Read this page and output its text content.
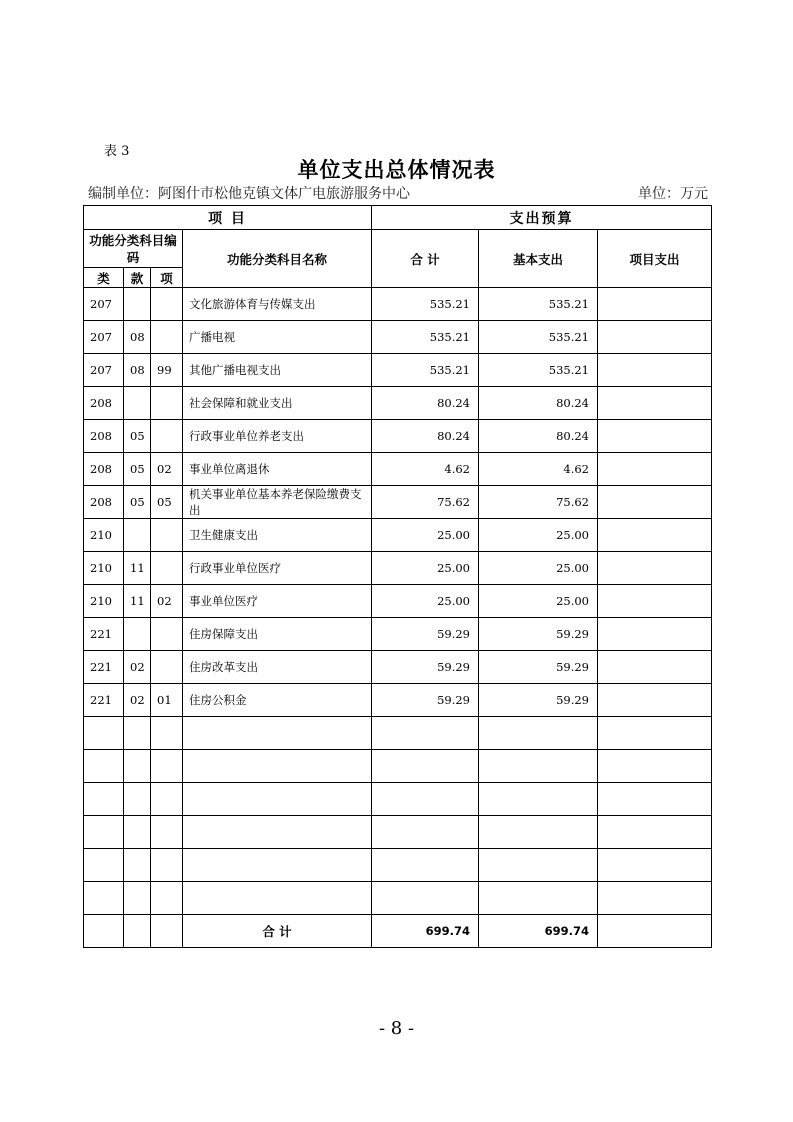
表 3
单位支出总体情况表
编制单位：阿图什市松他克镇文体广电旅游服务中心	单位：万元
项 目				支出预算		
功能分类科目编码			功能分类科目名称	合 计	基本支出	项目支出
类	款	项				
207			文化旅游体育与传媒支出	535.21	535.21	
207	08		广播电视	535.21	535.21	
207	08	99	其他广播电视支出	535.21	535.21	
208			社会保障和就业支出	80.24	80.24	
208	05		行政事业单位养老支出	80.24	80.24	
208	05	02	事业单位离退休	4.62	4.62	
208	05	05	机关事业单位基本养老保险缴费支出	75.62	75.62	
210			卫生健康支出	25.00	25.00	
210	11		行政事业单位医疗	25.00	25.00	
210	11	02	事业单位医疗	25.00	25.00	
221			住房保障支出	59.29	59.29	
221	02		住房改革支出	59.29	59.29	
221	02	01	住房公积金	59.29	59.29	

			合 计	699.74	699.74	
- 8 -
